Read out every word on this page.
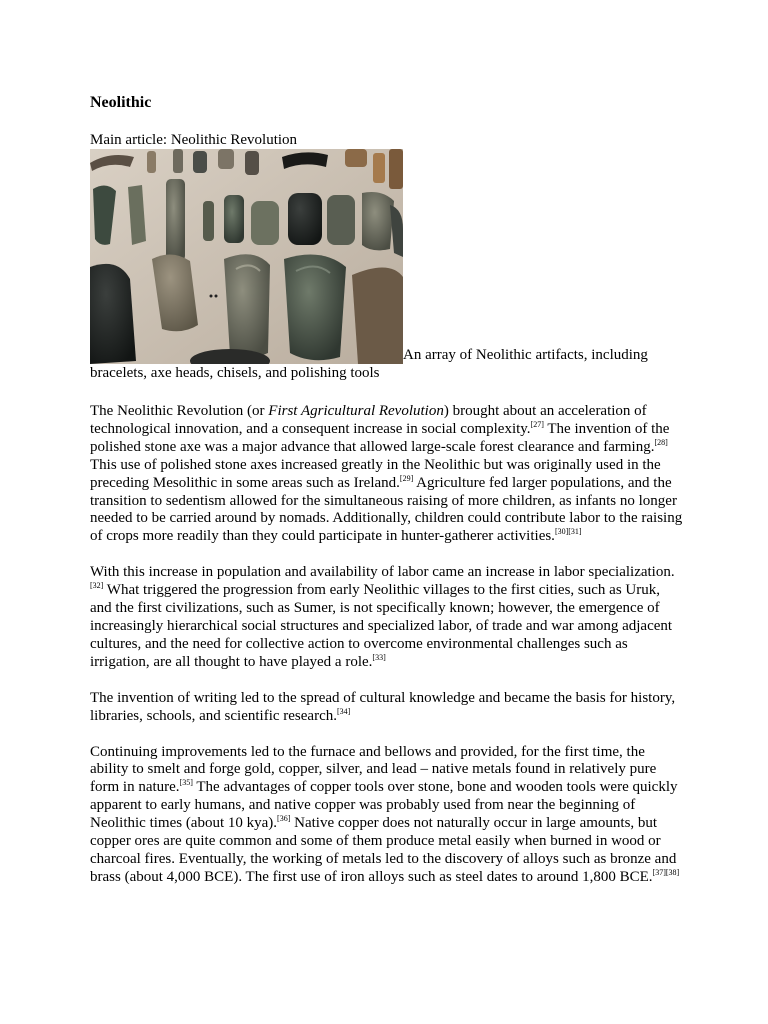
Neolithic
Main article: Neolithic Revolution
An array of Neolithic artifacts, including bracelets, axe heads, chisels, and polishing tools

The Neolithic Revolution (or First Agricultural Revolution) brought about an acceleration of technological innovation, and a consequent increase in social complexity.[27] The invention of the polished stone axe was a major advance that allowed large-scale forest clearance and farming.[28] This use of polished stone axes increased greatly in the Neolithic but was originally used in the preceding Mesolithic in some areas such as Ireland.[29] Agriculture fed larger populations, and the transition to sedentism allowed for the simultaneous raising of more children, as infants no longer needed to be carried around by nomads. Additionally, children could contribute labor to the raising of crops more readily than they could participate in hunter-gatherer activities.[30][31]

With this increase in population and availability of labor came an increase in labor specialization.[32] What triggered the progression from early Neolithic villages to the first cities, such as Uruk, and the first civilizations, such as Sumer, is not specifically known; however, the emergence of increasingly hierarchical social structures and specialized labor, of trade and war among adjacent cultures, and the need for collective action to overcome environmental challenges such as irrigation, are all thought to have played a role.[33]

The invention of writing led to the spread of cultural knowledge and became the basis for history, libraries, schools, and scientific research.[34]

Continuing improvements led to the furnace and bellows and provided, for the first time, the ability to smelt and forge gold, copper, silver, and lead – native metals found in relatively pure form in nature.[35] The advantages of copper tools over stone, bone and wooden tools were quickly apparent to early humans, and native copper was probably used from near the beginning of Neolithic times (about 10 kya).[36] Native copper does not naturally occur in large amounts, but copper ores are quite common and some of them produce metal easily when burned in wood or charcoal fires. Eventually, the working of metals led to the discovery of alloys such as bronze and brass (about 4,000 BCE). The first use of iron alloys such as steel dates to around 1,800 BCE.[37][38]
